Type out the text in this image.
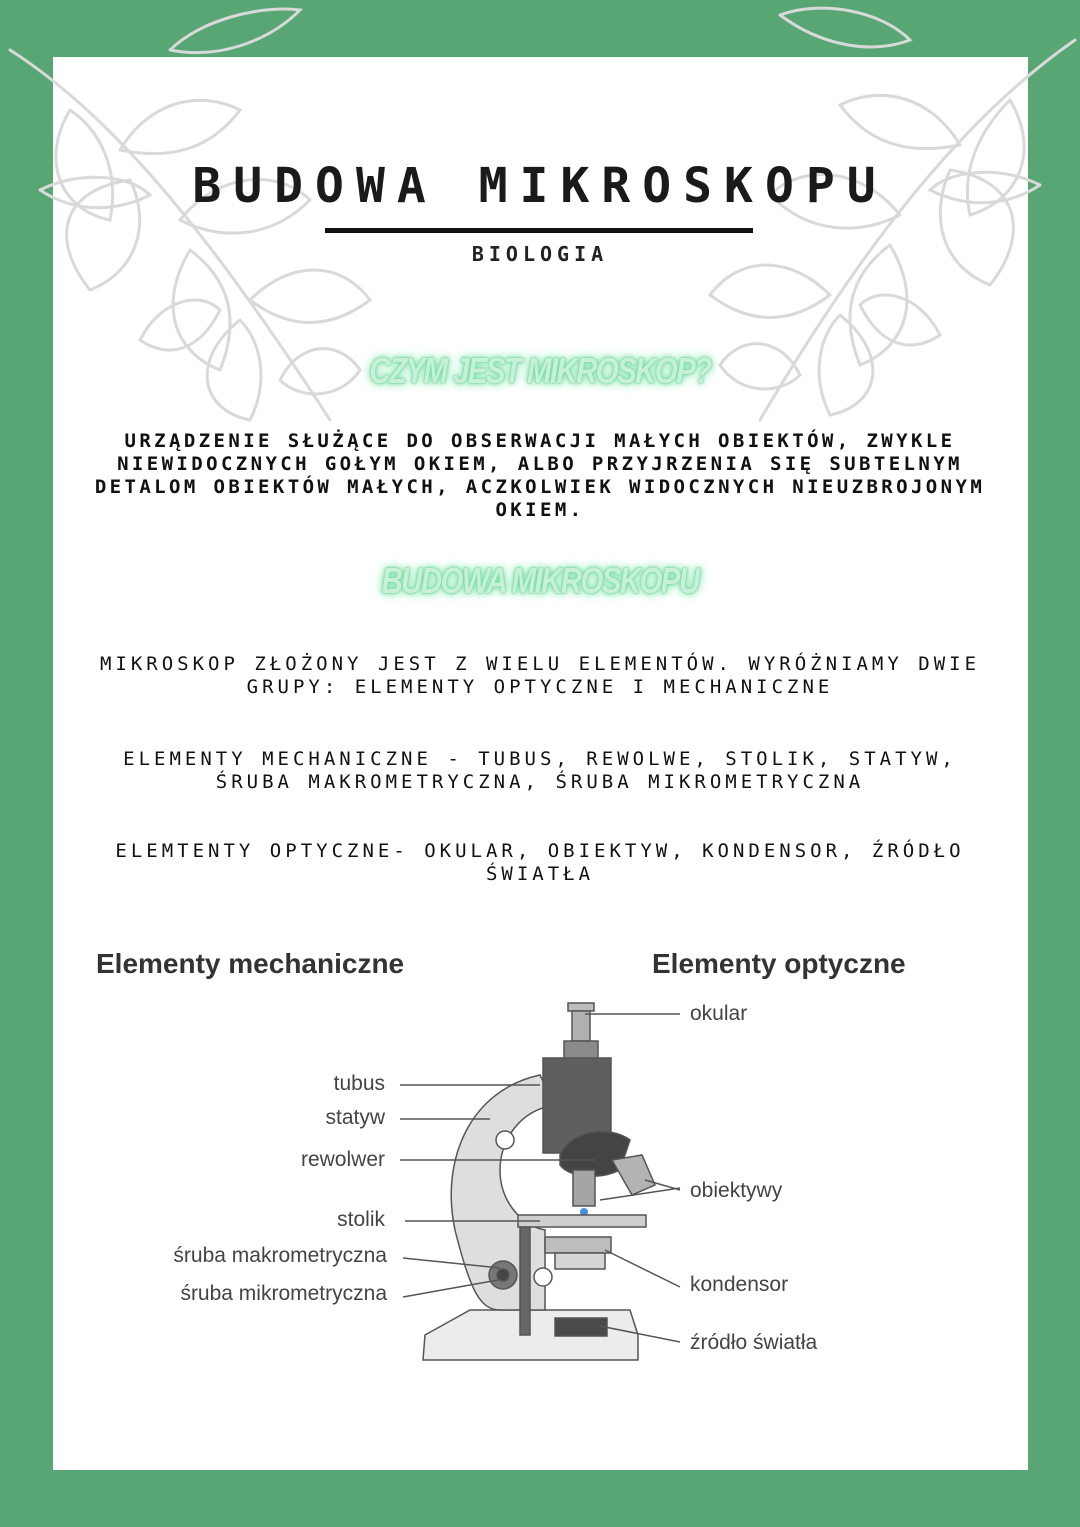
BUDOWA MIKROSKOPU
BIOLOGIA
CZYM JEST MIKROSKOP?
URZĄDZENIE SŁUŻĄCE DO OBSERWACJI MAŁYCH OBIEKTÓW, ZWYKLE NIEWIDOCZNYCH GOŁYM OKIEM, ALBO PRZYJRZENIA SIĘ SUBTELNYM DETALOM OBIEKTÓW MAŁYCH, ACZKOLWIEK WIDOCZNYCH NIEUZBROJONYM OKIEM.
BUDOWA MIKROSKOPU
MIKROSKOP ZŁOŻONY JEST Z WIELU ELEMENTÓW. WYRÓŻNIAMY DWIE GRUPY: ELEMENTY OPTYCZNE I MECHANICZNE
ELEMENTY MECHANICZNE - TUBUS, REWOLWE, STOLIK, STATYW, ŚRUBA MAKROMETRYCZNA, ŚRUBA MIKROMETRYCZNA
ELEMTENTY OPTYCZNE- OKULAR, OBIEKTYW, KONDENSOR, ŹRÓDŁO ŚWIATŁA
Elementy mechaniczne	Elementy optyczne
tubus
statyw
rewolwer
stolik
śruba makrometryczna
śruba mikrometryczna
okular
obiektywy
kondensor
źródło światła
